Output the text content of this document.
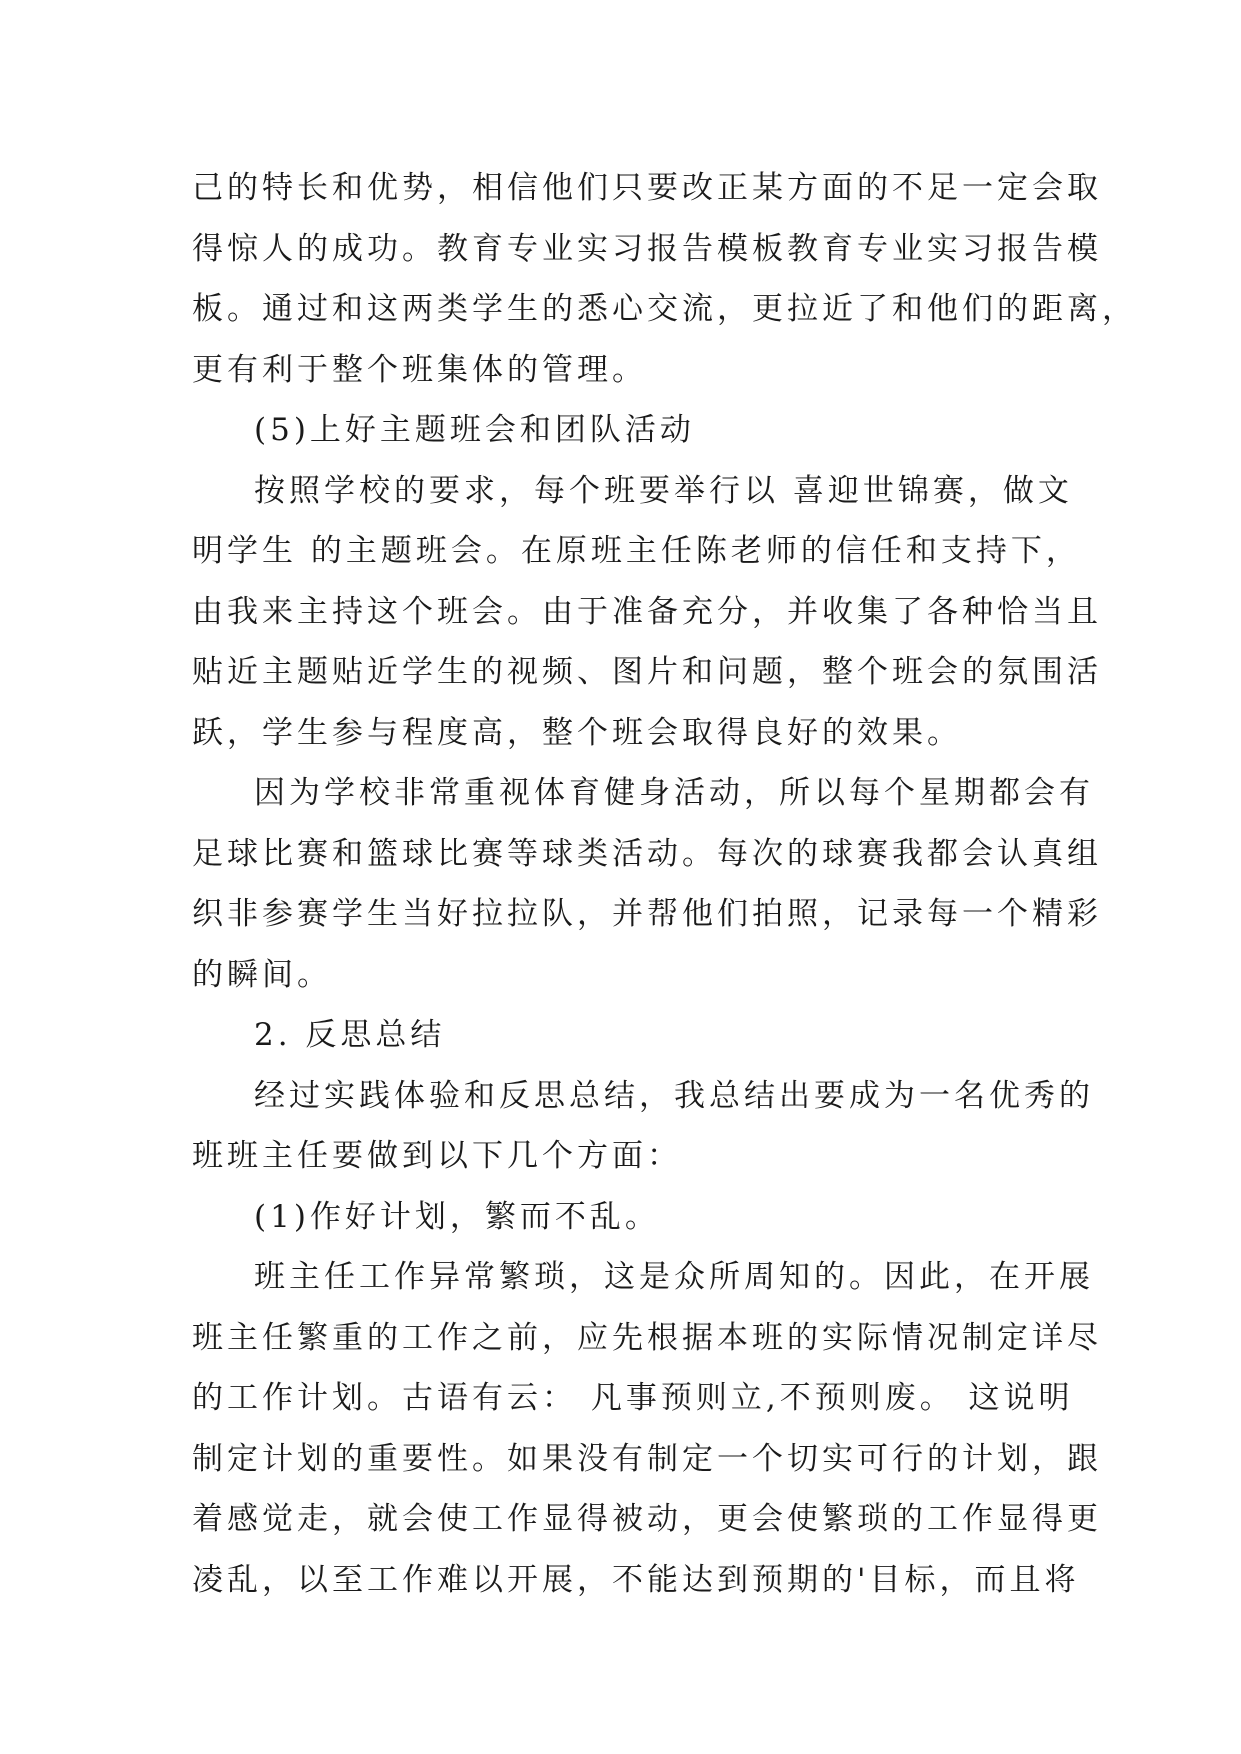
己的特长和优势，相信他们只要改正某方面的不足一定会取
得惊人的成功。教育专业实习报告模板教育专业实习报告模
板。通过和这两类学生的悉心交流，更拉近了和他们的距离，
更有利于整个班集体的管理。
(5)上好主题班会和团队活动
按照学校的要求，每个班要举行以 喜迎世锦赛，做文
明学生 的主题班会。在原班主任陈老师的信任和支持下，
由我来主持这个班会。由于准备充分，并收集了各种恰当且
贴近主题贴近学生的视频、图片和问题，整个班会的氛围活
跃，学生参与程度高，整个班会取得良好的效果。
因为学校非常重视体育健身活动，所以每个星期都会有
足球比赛和篮球比赛等球类活动。每次的球赛我都会认真组
织非参赛学生当好拉拉队，并帮他们拍照，记录每一个精彩
的瞬间。
2. 反思总结
经过实践体验和反思总结，我总结出要成为一名优秀的
班班主任要做到以下几个方面：
(1)作好计划，繁而不乱。
班主任工作异常繁琐，这是众所周知的。因此，在开展
班主任繁重的工作之前，应先根据本班的实际情况制定详尽
的工作计划。古语有云： 凡事预则立,不预则废。 这说明
制定计划的重要性。如果没有制定一个切实可行的计划，跟
着感觉走，就会使工作显得被动，更会使繁琐的工作显得更
凌乱，以至工作难以开展，不能达到预期的'目标，而且将
